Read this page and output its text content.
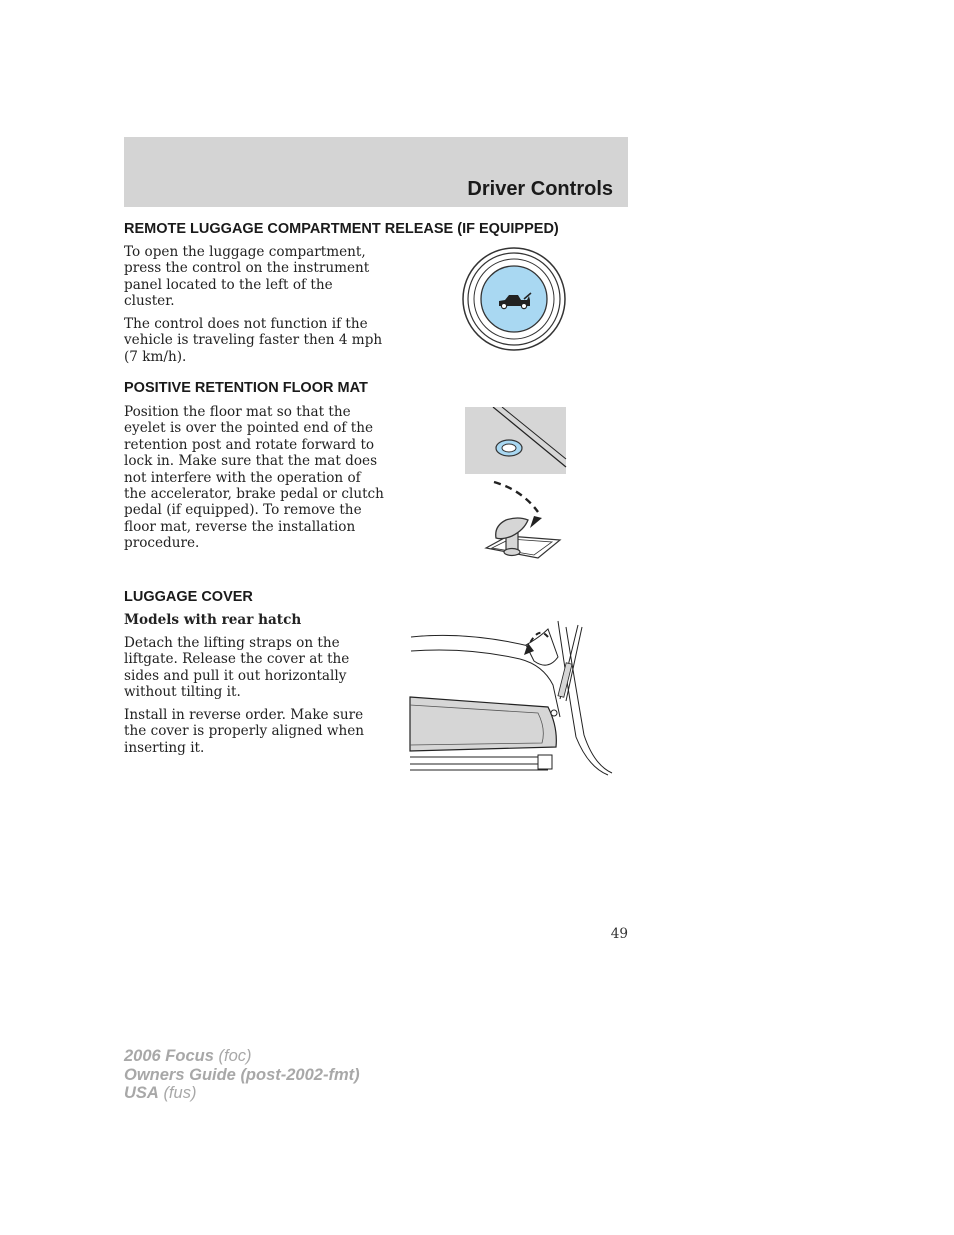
Driver Controls
REMOTE LUGGAGE COMPARTMENT RELEASE (IF EQUIPPED)

To open the luggage compartment, press the control on the instrument panel located to the left of the cluster.

The control does not function if the vehicle is traveling faster then 4 mph (7 km/h).

POSITIVE RETENTION FLOOR MAT

Position the floor mat so that the eyelet is over the pointed end of the retention post and rotate forward to lock in. Make sure that the mat does not interfere with the operation of the accelerator, brake pedal or clutch pedal (if equipped). To remove the floor mat, reverse the installation procedure.

LUGGAGE COVER

Models with rear hatch

Detach the lifting straps on the liftgate. Release the cover at the sides and pull it out horizontally without tilting it.

Install in reverse order. Make sure the cover is properly aligned when inserting it.

49
2006 Focus (foc)
Owners Guide (post-2002-fmt)
USA (fus)
